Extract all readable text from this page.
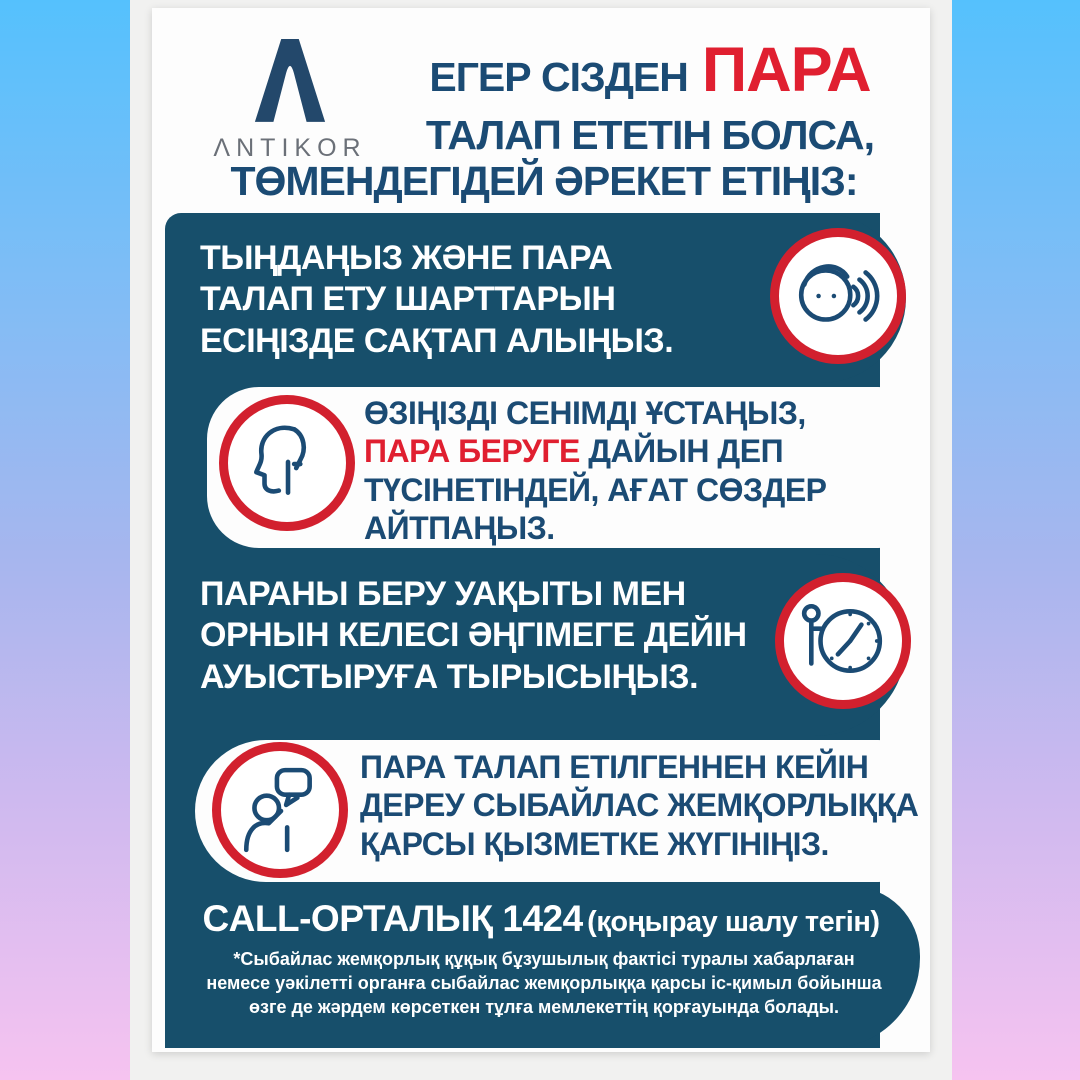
ΛNTIKOR
ЕГЕР СІЗДЕН ПАРА
ТАЛАП ЕТЕТІН БОЛСА,
ТӨМЕНДЕГІДЕЙ ӘРЕКЕТ ЕТІҢІЗ:
ТЫҢДАҢЫЗ ЖӘНЕ ПАРА
ТАЛАП ЕТУ ШАРТТАРЫН
ЕСІҢІЗДЕ САҚТАП АЛЫҢЫЗ.
ӨЗІҢІЗДІ СЕНІМДІ ҰСТАҢЫЗ,
ПАРА БЕРУГЕ ДАЙЫН ДЕП
ТҮСІНЕТІНДЕЙ, АҒАТ СӨЗДЕР
АЙТПАҢЫЗ.
ПАРАНЫ БЕРУ УАҚЫТЫ МЕН
ОРНЫН КЕЛЕСІ ӘҢГІМЕГЕ ДЕЙІН
АУЫСТЫРУҒА ТЫРЫСЫҢЫЗ.
ПАРА ТАЛАП ЕТІЛГЕННЕН КЕЙІН
ДЕРЕУ СЫБАЙЛАС ЖЕМҚОРЛЫҚҚА
ҚАРСЫ ҚЫЗМЕТКЕ ЖҮГІНІҢІЗ.
CALL-ОРТАЛЫҚ 1424 (қоңырау шалу тегін)
*Сыбайлас жемқорлық құқық бұзушылық фактісі туралы хабарлаған
немесе уәкілетті органға сыбайлас жемқорлыққа қарсы іс-қимыл бойынша
өзге де жәрдем көрсеткен тұлға мемлекеттің қорғауында болады.
